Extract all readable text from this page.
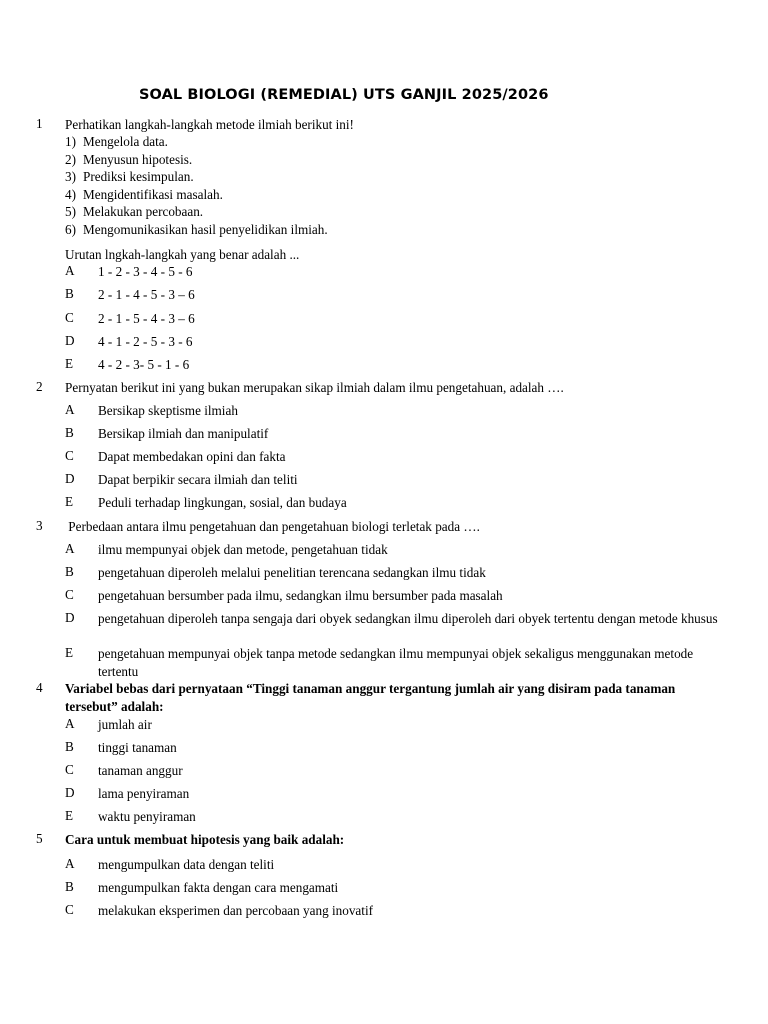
SOAL BIOLOGI (REMEDIAL) UTS GANJIL 2025/2026
1 Perhatikan langkah-langkah metode ilmiah berikut ini!
1) Mengelola data.
2) Menyusun hipotesis.
3) Prediksi kesimpulan.
4) Mengidentifikasi masalah.
5) Melakukan percobaan.
6) Mengomunikasikan hasil penyelidikan ilmiah.
Urutan lngkah-langkah yang benar adalah ...
A 1 - 2 - 3 - 4 - 5 - 6
B 2 - 1 - 4 - 5 - 3 – 6
C 2 - 1 - 5 - 4 - 3 – 6
D 4 - 1 - 2 - 5 - 3 - 6
E 4 - 2 - 3- 5 - 1 - 6
2 Pernyatan berikut ini yang bukan merupakan sikap ilmiah dalam ilmu pengetahuan, adalah ….
A Bersikap skeptisme ilmiah
B Bersikap ilmiah dan manipulatif
C Dapat membedakan opini dan fakta
D Dapat berpikir secara ilmiah dan teliti
E Peduli terhadap lingkungan, sosial, dan budaya
3 Perbedaan antara ilmu pengetahuan dan pengetahuan biologi terletak pada ….
A ilmu mempunyai objek dan metode, pengetahuan tidak
B pengetahuan diperoleh melalui penelitian terencana sedangkan ilmu tidak
C pengetahuan bersumber pada ilmu, sedangkan ilmu bersumber pada masalah
D pengetahuan diperoleh tanpa sengaja dari obyek sedangkan ilmu diperoleh dari obyek tertentu dengan metode khusus
E pengetahuan mempunyai objek tanpa metode sedangkan ilmu mempunyai objek sekaligus menggunakan metode tertentu
4 Variabel bebas dari pernyataan “Tinggi tanaman anggur tergantung jumlah air yang disiram pada tanaman tersebut” adalah:
A jumlah air
B tinggi tanaman
C tanaman anggur
D lama penyiraman
E waktu penyiraman
5 Cara untuk membuat hipotesis yang baik adalah:
A mengumpulkan data dengan teliti
B mengumpulkan fakta dengan cara mengamati
C melakukan eksperimen dan percobaan yang inovatif
